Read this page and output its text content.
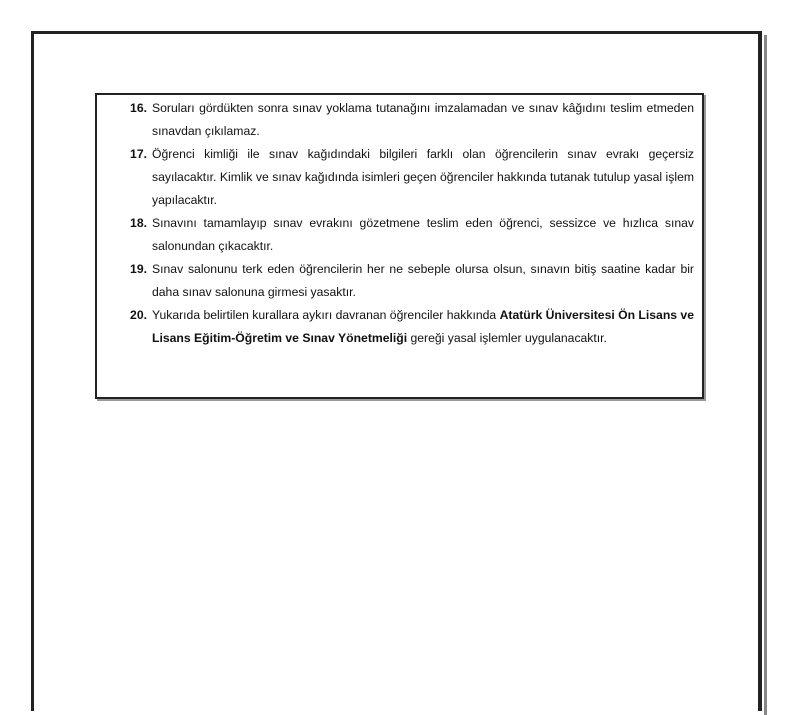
16. Soruları gördükten sonra sınav yoklama tutanağını imzalamadan ve sınav kâğıdını teslim etmeden sınavdan çıkılamaz.
17. Öğrenci kimliği ile sınav kağıdındaki bilgileri farklı olan öğrencilerin sınav evrakı geçersiz sayılacaktır. Kimlik ve sınav kağıdında isimleri geçen öğrenciler hakkında tutanak tutulup yasal işlem yapılacaktır.
18. Sınavını tamamlayıp sınav evrakını gözetmene teslim eden öğrenci, sessizce ve hızlıca sınav salonundan çıkacaktır.
19. Sınav salonunu terk eden öğrencilerin her ne sebeple olursa olsun, sınavın bitiş saatine kadar bir daha sınav salonuna girmesi yasaktır.
20. Yukarıda belirtilen kurallara aykırı davranan öğrenciler hakkında Atatürk Üniversitesi Ön Lisans ve Lisans Eğitim-Öğretim ve Sınav Yönetmeliği gereği yasal işlemler uygulanacaktır.
